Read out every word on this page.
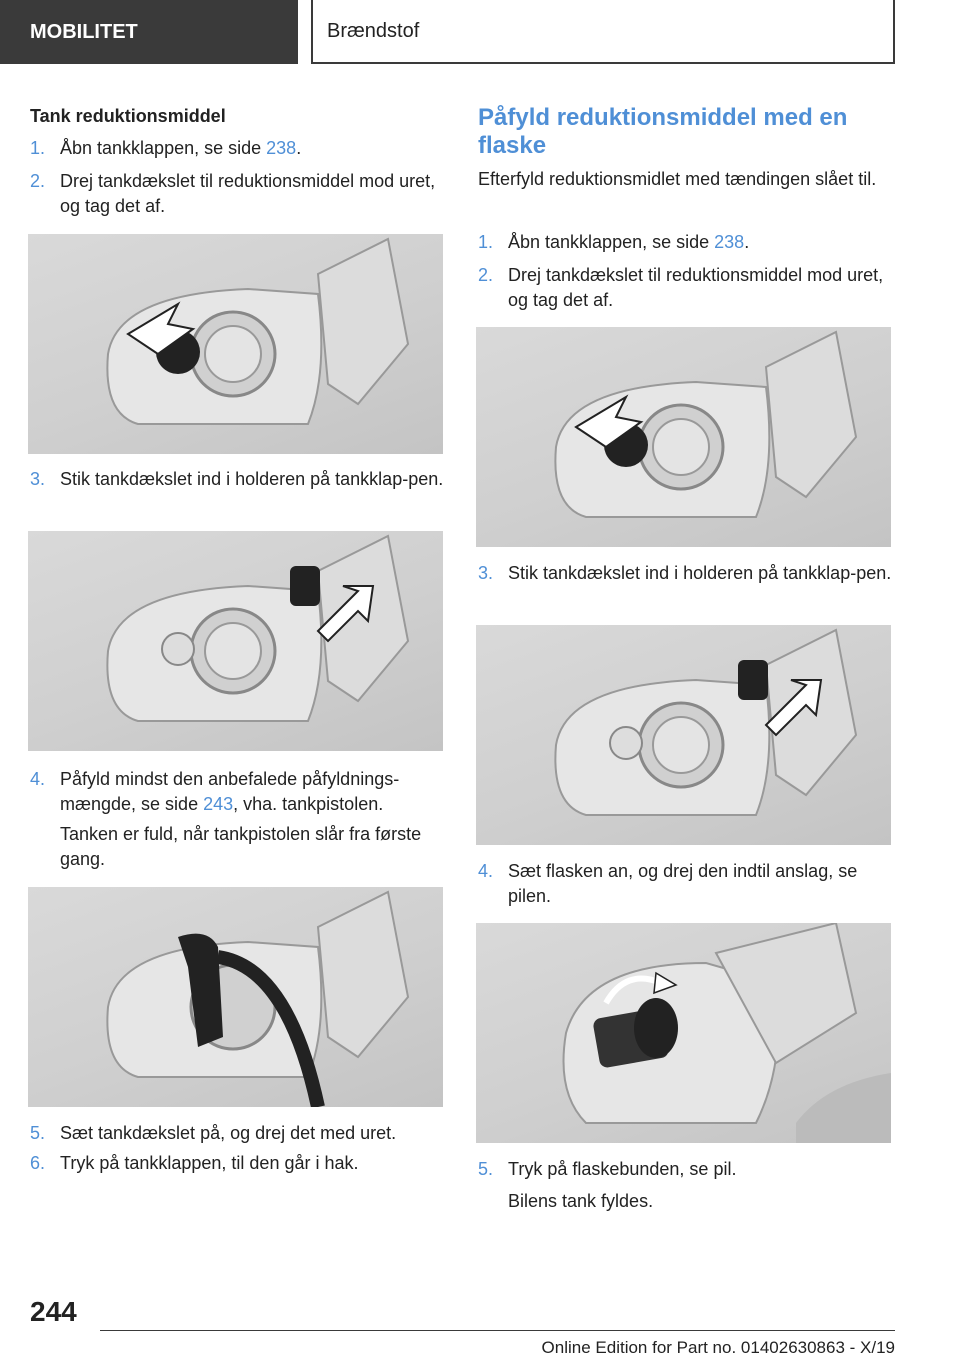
MOBILITET	Brændstof
Tank reduktionsmiddel
1. Åbn tankklappen, se side 238.
2. Drej tankdækslet til reduktionsmiddel mod uret, og tag det af.
3. Stik tankdækslet ind i holderen på tankklap-pen.
4. Påfyld mindst den anbefalede påfyldnings-mængde, se side 243, vha. tankpistolen.
Tanken er fuld, når tankpistolen slår fra første gang.
5. Sæt tankdækslet på, og drej det med uret.
6. Tryk på tankklappen, til den går i hak.
Påfyld reduktionsmiddel med en flaske
Efterfyld reduktionsmidlet med tændingen slået til.
1. Åbn tankklappen, se side 238.
2. Drej tankdækslet til reduktionsmiddel mod uret, og tag det af.
3. Stik tankdækslet ind i holderen på tankklap-pen.
4. Sæt flasken an, og drej den indtil anslag, se pilen.
5. Tryk på flaskebunden, se pil.
Bilens tank fyldes.
244
Online Edition for Part no. 01402630863 - X/19
